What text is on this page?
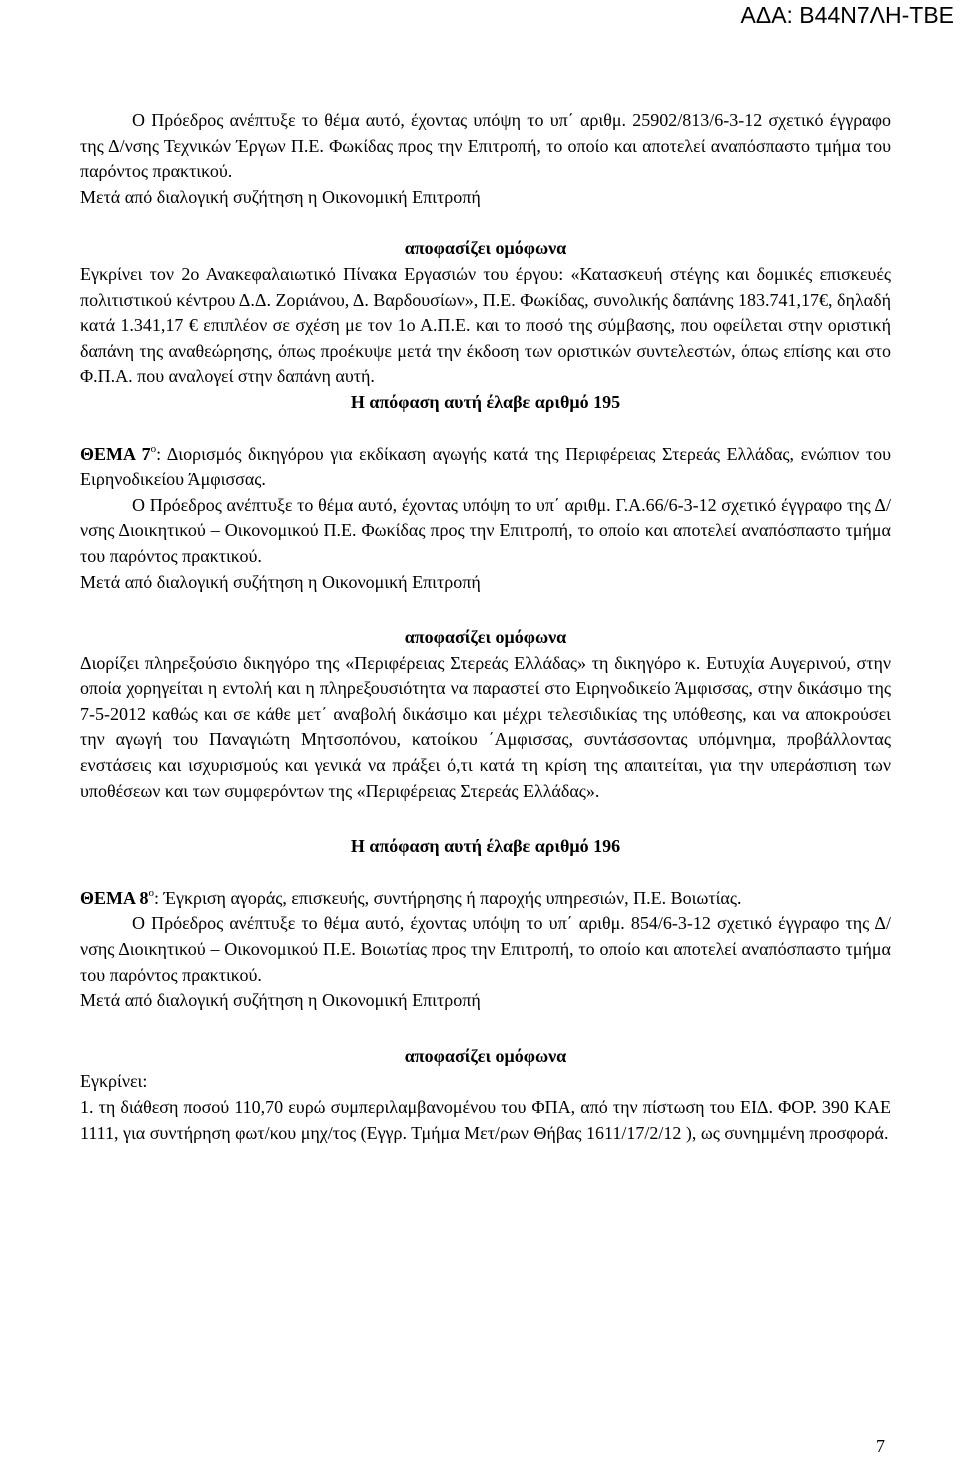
ΑΔΑ: Β44Ν7ΛΗ-ΤΒΕ

Ο Πρόεδρος ανέπτυξε το θέμα αυτό, έχοντας υπόψη το υπ΄ αριθμ. 25902/813/6-3-12 σχετικό έγγραφο της Δ/νσης Τεχνικών Έργων Π.Ε. Φωκίδας προς την Επιτροπή, το οποίο και αποτελεί αναπόσπαστο τμήμα του παρόντος πρακτικού.

Μετά από διαλογική συζήτηση η Οικονομική Επιτροπή

αποφασίζει ομόφωνα

Εγκρίνει τον 2ο Ανακεφαλαιωτικό Πίνακα Εργασιών του έργου: «Κατασκευή στέγης και δομικές επισκευές πολιτιστικού κέντρου Δ.Δ. Ζοριάνου, Δ. Βαρδουσίων», Π.Ε. Φωκίδας, συνολικής δαπάνης 183.741,17€, δηλαδή κατά 1.341,17 € επιπλέον σε σχέση με τον 1ο Α.Π.Ε. και το ποσό της σύμβασης, που οφείλεται στην οριστική δαπάνη της αναθεώρησης, όπως προέκυψε μετά την έκδοση των οριστικών συντελεστών, όπως επίσης και στο Φ.Π.Α. που αναλογεί στην δαπάνη αυτή.

Η απόφαση αυτή έλαβε αριθμό 195

ΘΕΜΑ $7^o$: Διορισμός δικηγόρου για εκδίκαση αγωγής κατά της Περιφέρειας Στερεάς Ελλάδας, ενώπιον του Ειρηνοδικείου Άμφισσας.

Ο Πρόεδρος ανέπτυξε το θέμα αυτό, έχοντας υπόψη το υπ΄ αριθμ. Γ.Α.66/6-3-12 σχετικό έγγραφο της Δ/νσης Διοικητικού – Οικονομικού Π.Ε. Φωκίδας προς την Επιτροπή, το οποίο και αποτελεί αναπόσπαστο τμήμα του παρόντος πρακτικού.

Μετά από διαλογική συζήτηση η Οικονομική Επιτροπή

αποφασίζει ομόφωνα

Διορίζει πληρεξούσιο δικηγόρο της «Περιφέρειας Στερεάς Ελλάδας» τη δικηγόρο κ. Ευτυχία Αυγερινού, στην οποία χορηγείται η εντολή και η πληρεξουσιότητα να παραστεί στο Ειρηνοδικείο Άμφισσας, στην δικάσιμο της 7-5-2012 καθώς και σε κάθε μετ΄ αναβολή δικάσιμο και μέχρι τελεσιδικίας της υπόθεσης, και να αποκρούσει την αγωγή του Παναγιώτη Μητσοπόνου, κατοίκου ΄Αμφισσας, συντάσσοντας υπόμνημα, προβάλλοντας ενστάσεις και ισχυρισμούς και γενικά να πράξει ό,τι κατά τη κρίση της απαιτείται, για την υπεράσπιση των υποθέσεων και των συμφερόντων της «Περιφέρειας Στερεάς Ελλάδας».

Η απόφαση αυτή έλαβε αριθμό 196

ΘΕΜΑ $8^o$: Έγκριση αγοράς, επισκευής, συντήρησης ή παροχής υπηρεσιών, Π.Ε. Βοιωτίας.

Ο Πρόεδρος ανέπτυξε το θέμα αυτό, έχοντας υπόψη το υπ΄ αριθμ. 854/6-3-12 σχετικό έγγραφο της Δ/νσης Διοικητικού – Οικονομικού Π.Ε. Βοιωτίας προς την Επιτροπή, το οποίο και αποτελεί αναπόσπαστο τμήμα του παρόντος πρακτικού.

Μετά από διαλογική συζήτηση η Οικονομική Επιτροπή

αποφασίζει ομόφωνα

Εγκρίνει:

1. τη διάθεση ποσού 110,70 ευρώ συμπεριλαμβανομένου του ΦΠΑ, από την πίστωση του ΕΙΔ. ΦΟΡ. 390 ΚΑΕ 1111, για συντήρηση φωτ/κου μηχ/τος (Εγγρ. Τμήμα Μετ/ρων Θήβας 1611/17/2/12 ), ως συνημμένη προσφορά.

7
